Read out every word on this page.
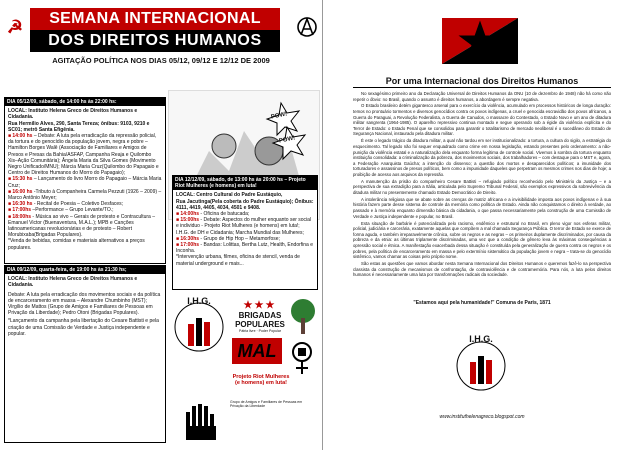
☭	SEMANA INTERNACIONAL
DOS DIREITOS HUMANOS
AGITAÇÃO POLÍTICA NOS DIAS 05/12, 09/12 E 12/12 DE 2009
DIA 05/12/09, sábado, de 14:00 hs às 22:00 hs:
LOCAL: Instituto Helena Greco de Direitos Humanos e Cidadania.
Rua Hermílio Alves, 290, Santa Tereza; ônibus: 9103, 9210 e SC01; metrô Santa Efigênia.
■ 14:00 hs – Debate: A luta pela erradicação da repressão policial, da tortura e do genocídio da população jovem, negra e pobre – Hamilton Borges Walê (Associação de Familiares e Amigos de Presos e Presas da Bahia/ASFAP, Campanha Reaja e Quilombo Xis–Ação Comunitária); Ângela Maria da Silva Gomes (Movimento Negro Unificado/MNU); Márcia Maria Cruz(Quilombo do Papagaio e Centro de Direitos Humanos do Morro do Papagaio);
■ 15:30 hs – Lançamento do livro Morro do Papagaio – Márcia Maria Cruz;
■ 16:00 hs -Tributo à Companheira Carmela Pezzuti (1926 – 2009) – Marco Antônio Meyer;
■ 16:30 hs - Recital de Poesia – Coletivo Desfaces;
■ 17:00hs –Performance – Grupo Levante/TO.;
■ 18:00hs - Música ao vivo – Gerais de protesto e Contracultura – Emanuel Victor (Buenaventura, M.A.L.); MPB e Canções latinoamericanas revolucionárias e de protesto – Robert Morubixaba(Brigadas Populares).
*Venda de bebidas, comidas e materiais alternativos a preços populares.
POW!
POW!
DIA 12/12/09, sábado, de 13:00 hs às 20:00 hs – Projeto Riot Mulheres (e homens) em luta!
LOCAL: Centro Cultural do Padre Eustáquio,
Rua Jacutinga(Pela coberta do Padre Eustáquio); Ônibus: 4111, 4419, 4405, 4034, 4501 e 9408.
■ 14:00hs - Oficina de batucada;
■ 15:00hs - Debate: Aspectos do mulher enquanto ser social e individuo - Projeto Riot Mulheres (e homens) em luta!; I.H.G. de DH e Cidadania; Marcha Mundial das Mulheres;
■ 16:30hs - Grupo de Hip Hop – Metamorfose;
■ 17:00hs - Bandas: Lolittas, Bertha Lutz, Health, Endorfina e Inconha.
*Intervenção urbana, filmes, oficina de stencil, venda de material underground e mais...
DIA 09/12/09, quarta-feira, de 19:00 hs às 21:30 hs;
LOCAL: Instituto Helena Greco de Direitos Humanos e Cidadania.
Debate: A luta pela erradicação dos movimentos sociais e da política de encarceramento em massa – Alexandre Chumbinho (MST); Virgílio de Mattos (Grupo de Amigos e Familiares de Pessoas em Privação da Liberdade); Pedro Otoni (Brigadas Populares).
*Lançamento da campanha pela libertação do Cesare Battisti e pela criação de uma Comissão de Verdade e Justiça independente e popular.
I.H.G.	★★★
BRIGADAS
POPULARES
Pátria livre · Poder Popular
MAL
Projeto Riot Mulheres
(e homens) em luta!
Grupo de Amigos e Familiares de Pessoas em Privação da Liberdade
Por uma Internacional dos Direitos Humanos

No sexagésimo primeiro ano da Declaração Universal de Direitos Humanos da ONU (10 de dezembro de 1948) não há como não repetir o óbvio: no Brasil, quando o assunto é direitos humanos, a abordagem é sempre negativa.

O Estado brasileiro detém gigantesco arsenal para o exercício da violência, acumulado em processos históricos de longa duração: temos no prontuário tormentos e diversos genocídios contra os povos indígenas, a cruel e genocida escravidão dos povos africanos, a Guerra do Paraguai, a Revolução Federalista, a Guerra de Canudos, o massacre do Contestado, o Estado Novo e um ano de ditadura militar sangrenta (1964-1985). O aparelho repressivo continua montado e segue operando sob a égide da violência explícita e do Terror de Estado: o Estado Penal que se consolidou para garantir o totalitarismo de mercado neoliberal é o sucedâneo do Estado de Segurança Nacional, instaurado pela ditadura militar.

É este o legado trágico da ditadura militar, a qual não tardou em ser institucionalizado: a tortura, a cultura do sigilo, a estratégia do esquecimento. Tal legado não foi sequer enquadrado como crime em nossa legislação, estando presentes pelo ordenamento: a não-punição da violência estatal e a naturalização dela enquanto forma legítima de controle social. Vivemos à sombra da tortura enquanto instituição consolidada: a criminalização da pobreza, dos movimentos sociais, dos trabalhadores – com destaque para o MST e, agora, a Federação Anarquista Gaúcha; a intenção do dissenso; a questão dos mortos e desaparecidos políticos; a imunidade dos torturadores e assassinos de presos políticos, bem como a impunidade daqueles que perpetram os mesmos crimes nos dias de hoje; a proibição de acesso aos arquivos da repressão.

A manutenção da prisão do companheiro Cesare Battisti – refugiado político reconhecido pelo Ministério da Justiça – e a perspectiva de sua extradição para a Itália, articulada pelo Supremo Tribunal Federal, são exemplos expressivos da sobrevivência da ditadura militar no presentemente chamado Estado Democrático de Direito.

A intolerância religiosa que se abate sobre as crenças de matriz africana e a invisibilidade imposta aos povos indígenas e à sua história fazem parte desse sistema de controle da memória como política de Estado. Ainda não conquistamos o direito à verdade, ao passado e à memória enquanto dimensão básica da cidadania, o que passa necessariamente pela construção de uma Comissão de Verdade e Justiça independente e popular, no Brasil.

Esta situação de barbárie é potencializada pelo racismo, endêmico e estrutural no Brasil, em pleno vigor nos esferas militar, policial, judiciária e carcerária, exatamente aquelas que compõem a mal chamada Segurança Pública. O terror de Estado se exerce de forma aguda, e também irreparavelmente crônica, sobre os negros e as negras – os primeiros duplamente discriminados, por causa da pobreza e da etnia: as últimas triplamente discriminadas, uma vez que a condição de gênero leva às máximas consequências a opressão social e étnica. A manifestação exacerbada dessa situação é constituída pela generalização de guerra contra os negros e os pobres, pela política de encarceramento em massa e pelo extermínio sistemático da população jovem e negra – trata-se do genocídio sistêmico, vamos chamar as coisas pelo próprio nome.

São estas as questões que vamos abordar nesta Semana Internacional dos Direitos Humanos e queremos fazê-lo na perspectiva classista da construção de mecanismos de confrontação, de contraviolência e de contramemória. Para nós, a luta pelos direitos humanos é necessariamente uma luta por transformações radicais da sociedade.

"Estamos aqui pela humanidade!" Comuna de Paris, 1871
I.H.G.
www.instituthelenagreco.blogspot.com
